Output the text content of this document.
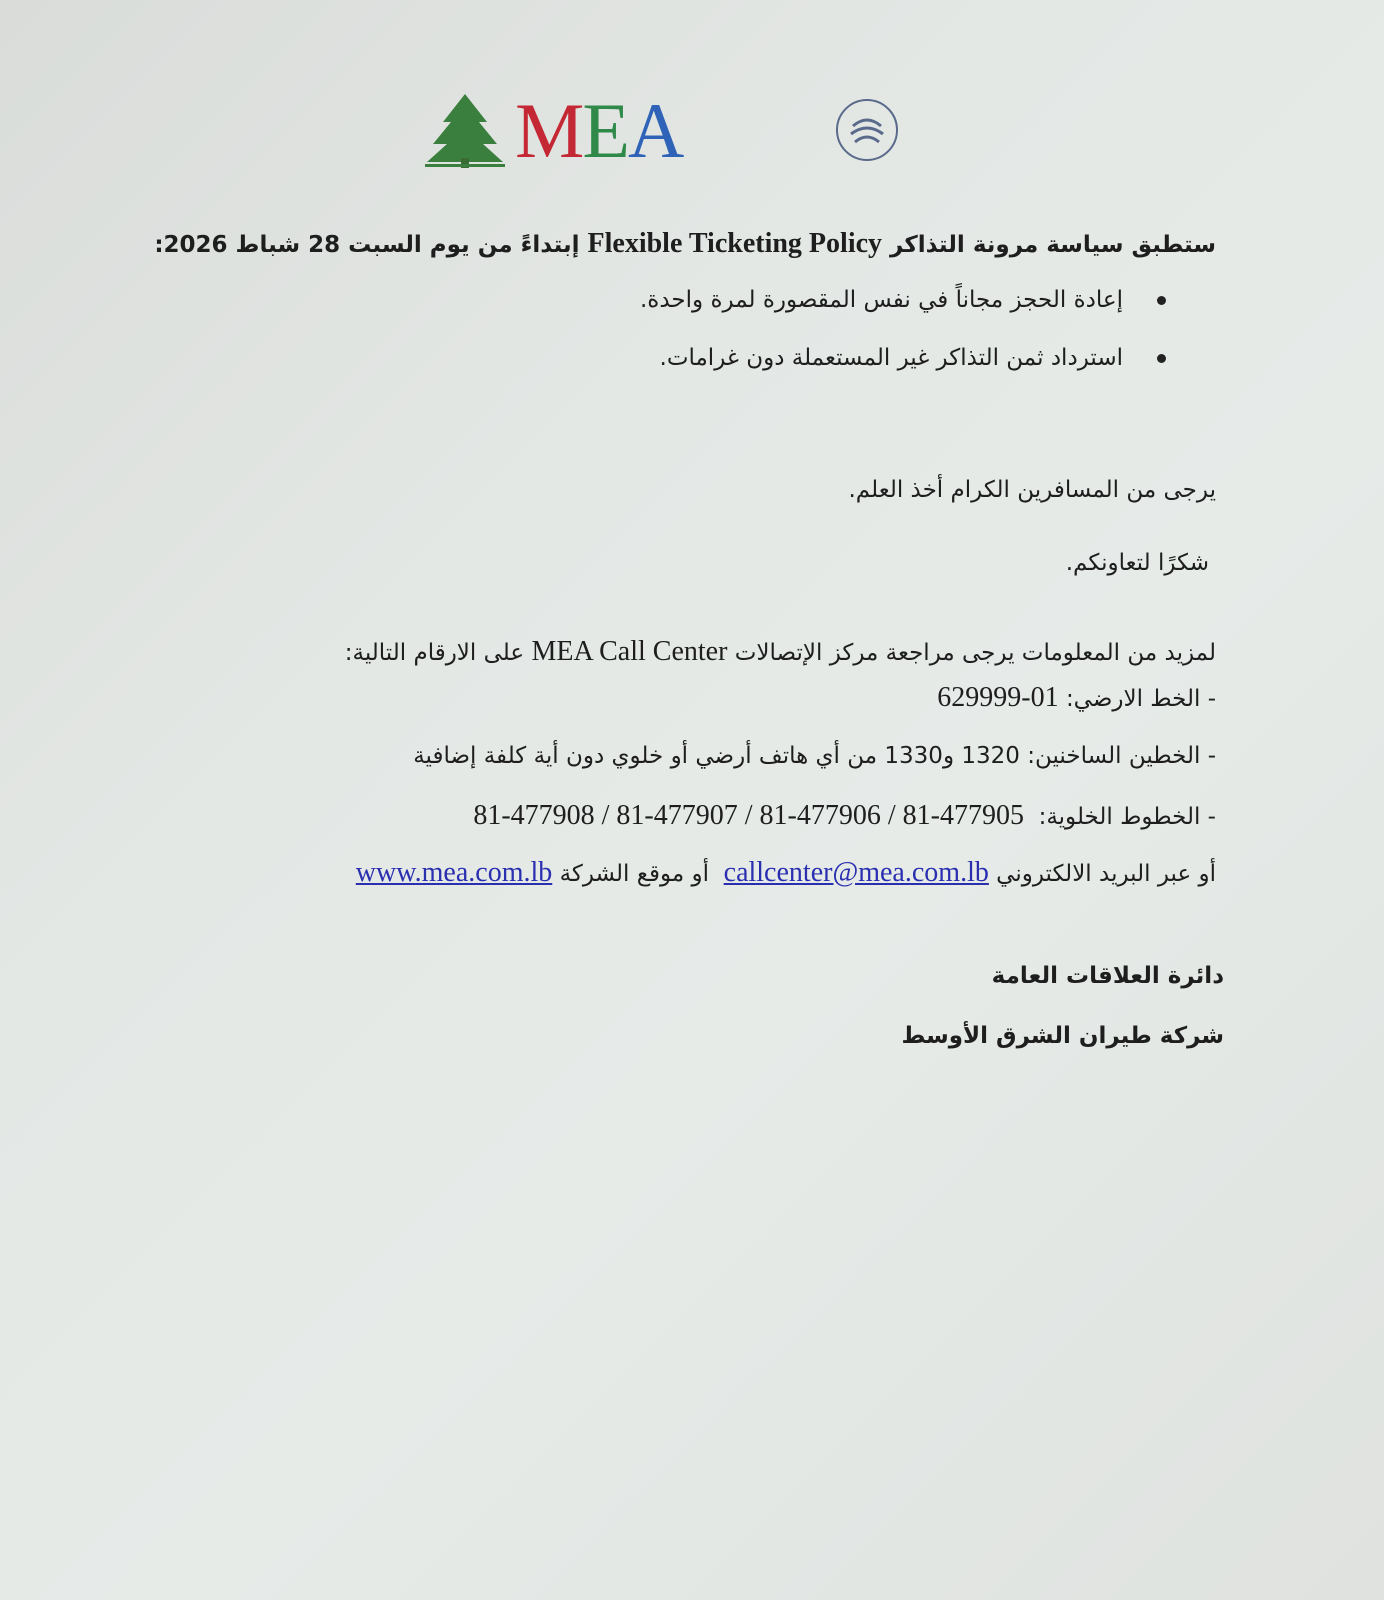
MEA
ستطبق سياسة مرونة التذاكر Flexible Ticketing Policy إبتداءً من يوم السبت 28 شباط 2026:
إعادة الحجز مجاناً في نفس المقصورة لمرة واحدة.
استرداد ثمن التذاكر غير المستعملة دون غرامات.
يرجى من المسافرين الكرام أخذ العلم.
شكرًا لتعاونكم.
لمزيد من المعلومات يرجى مراجعة مركز الإتصالات MEA Call Center على الارقام التالية:
- الخط الارضي: 01-629999
- الخطين الساخنين: 1320 و1330 من أي هاتف أرضي أو خلوي دون أية كلفة إضافية
- الخطوط الخلوية:  81-477908 / 81-477907 / 81-477906 / 81-477905
أو عبر البريد الالكتروني callcenter@mea.com.lb  أو موقع الشركة www.mea.com.lb
دائرة العلاقات العامة
شركة طيران الشرق الأوسط
